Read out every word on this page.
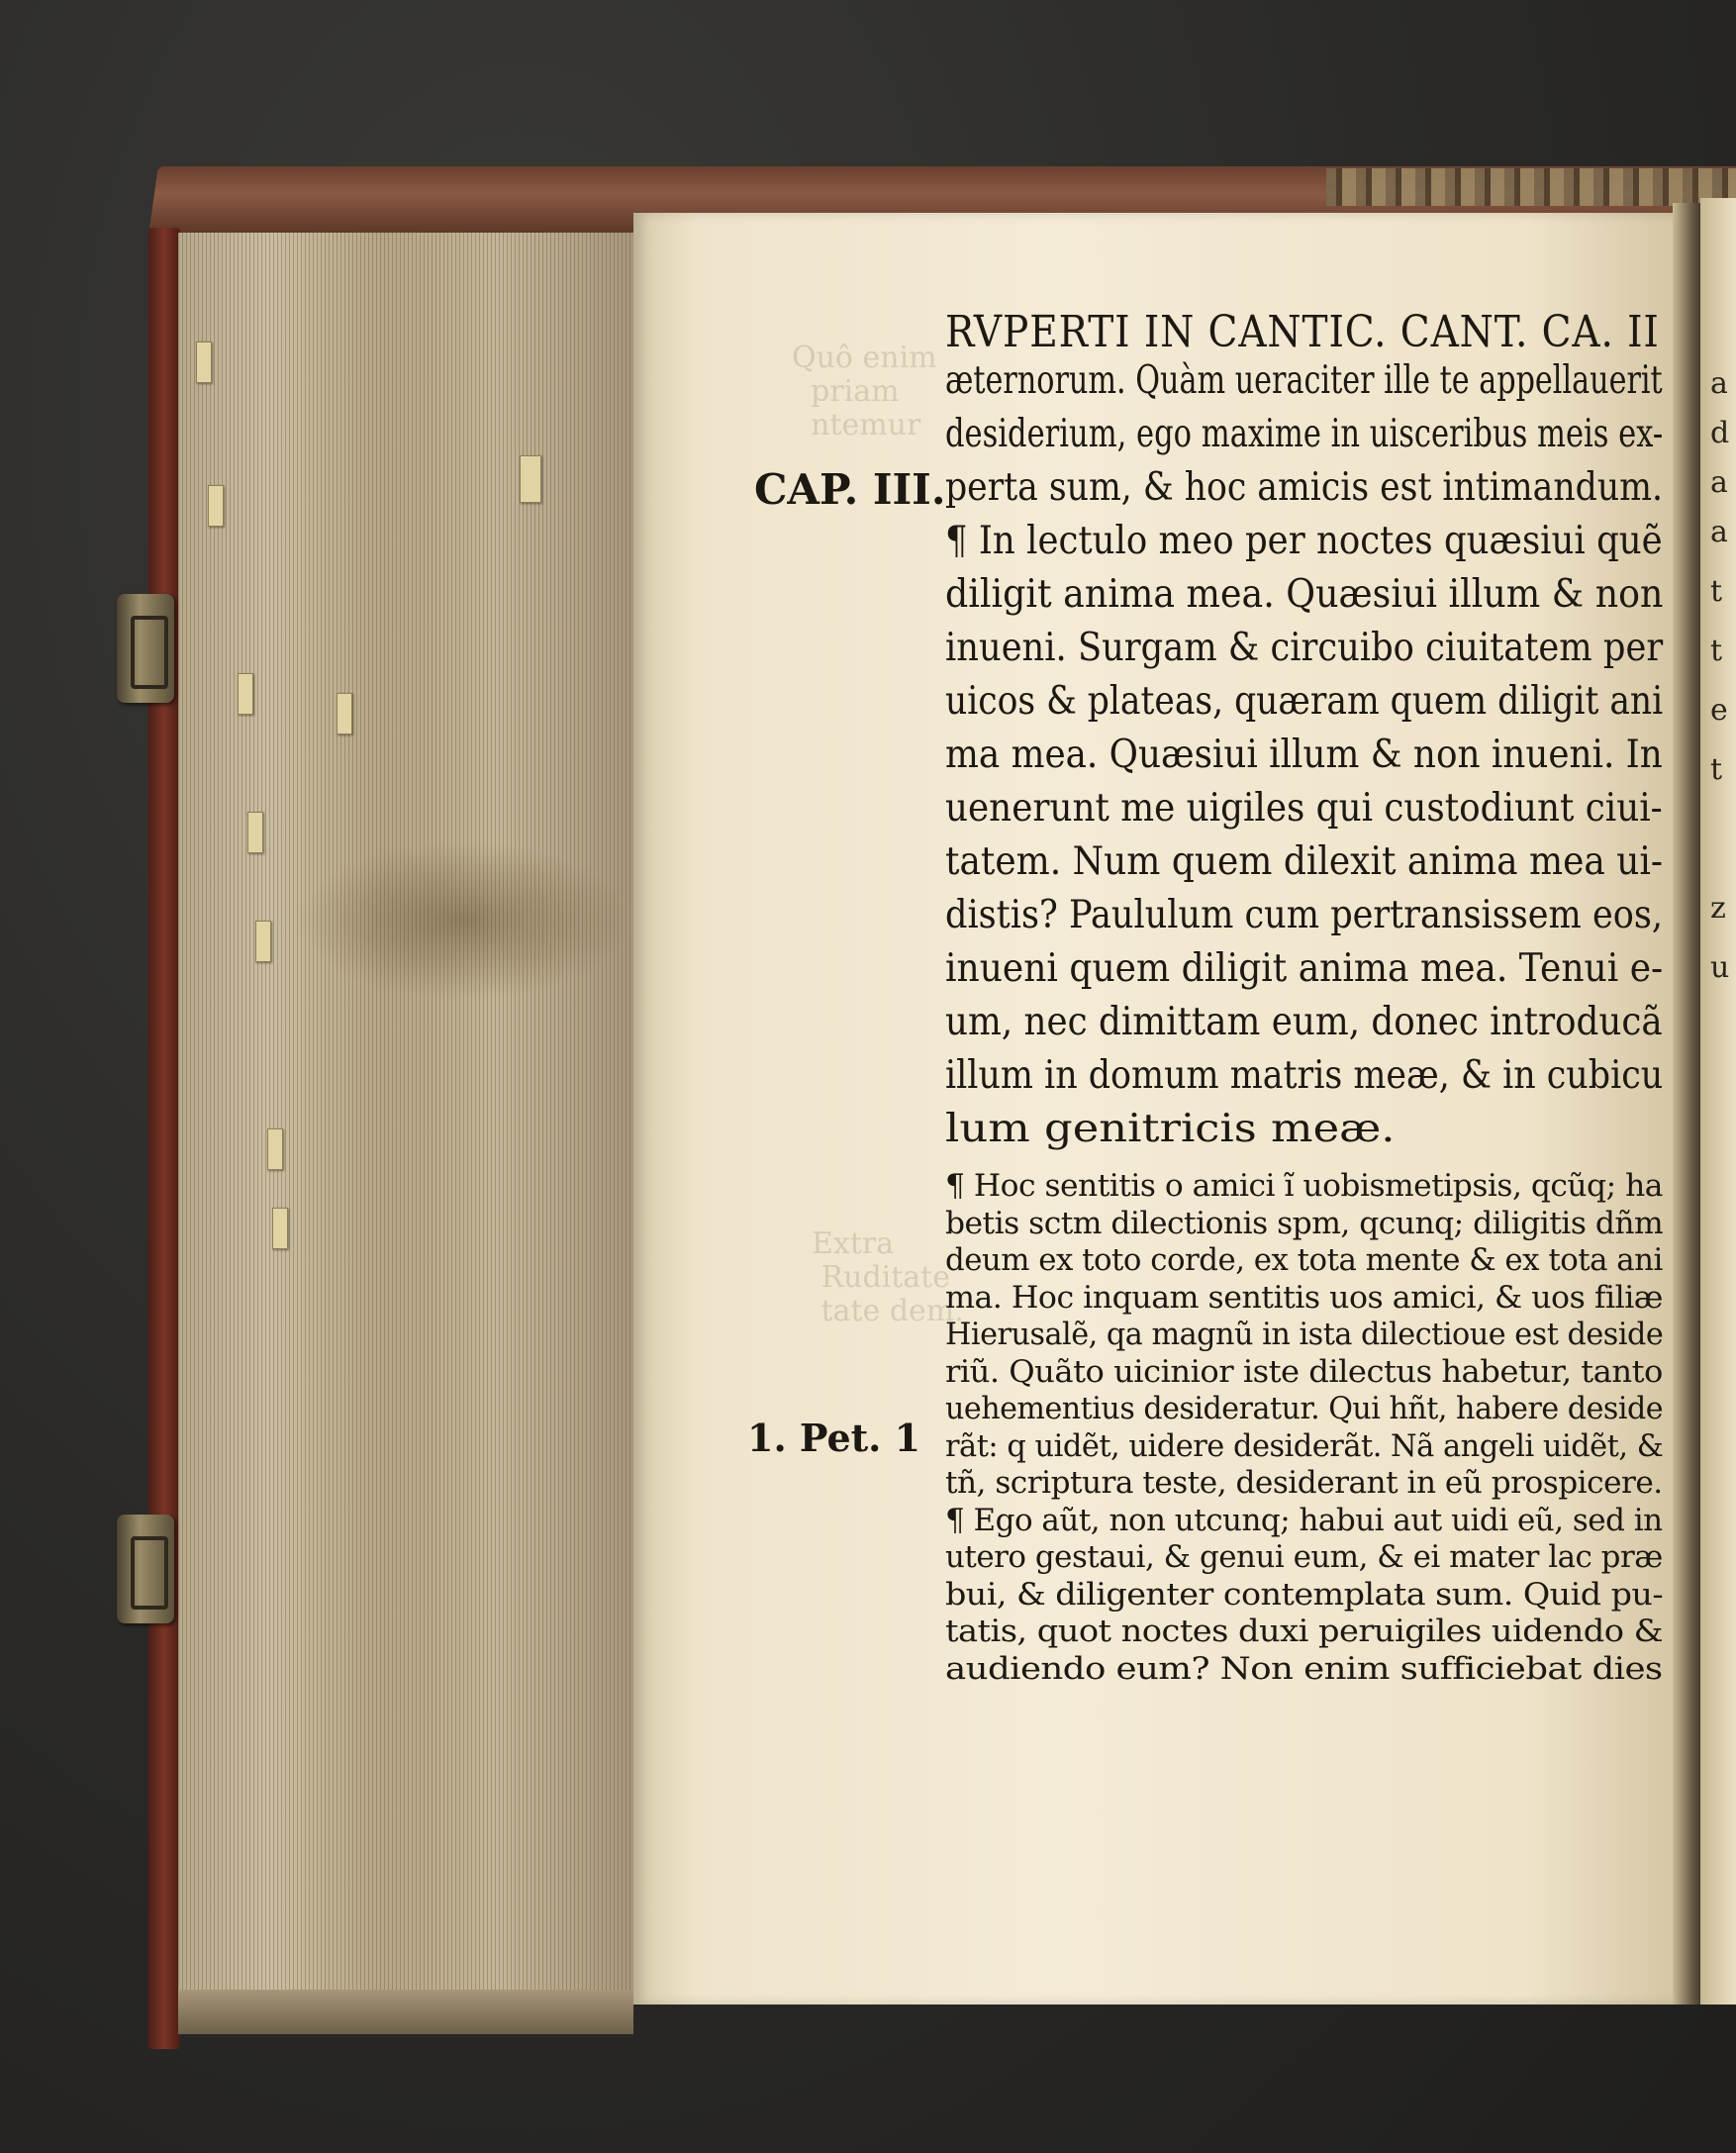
a
d
a
a
t
t
e
t
z
u
Quô enim
priam
ntemur
Extra
Ruditate
tate dem.
RVPERTI IN CANTIC. CANT. CA. II
CAP. III.
1. Pet. 1
æternorum. Quàm ueraciter ille te appellauerit
desiderium, ego maxime in uisceribus meis ex-
perta sum, & hoc amicis est intimandum.
¶ In lectulo meo per noctes quæsiui quẽ
diligit anima mea. Quæsiui illum & non
inueni. Surgam & circuibo ciuitatem per
uicos & plateas, quæram quem diligit ani
ma mea. Quæsiui illum & non inueni. In
uenerunt me uigiles qui custodiunt ciui-
tatem. Num quem dilexit anima mea ui-
distis? Paululum cum pertransissem eos,
inueni quem diligit anima mea. Tenui e-
um, nec dimittam eum, donec introducã
illum in domum matris meæ, & in cubicu
lum genitricis meæ.
¶ Hoc sentitis o amici ĩ uobismetipsis, qcũq; ha
betis sctm dilectionis spm, qcunq; diligitis dñm
deum ex toto corde, ex tota mente & ex tota ani
ma. Hoc inquam sentitis uos amici, & uos filiæ
Hierusalẽ, qa magnũ in ista dilectioue est deside
riũ. Quãto uicinior iste dilectus habetur, tanto
uehementius desideratur. Qui hñt, habere deside
rãt: q uidẽt, uidere desiderãt. Nã angeli uidẽt, &
tñ, scriptura teste, desiderant in eũ prospicere.
¶ Ego aũt, non utcunq; habui aut uidi eũ, sed in
utero gestaui, & genui eum, & ei mater lac præ
bui, & diligenter contemplata sum. Quid pu-
tatis, quot noctes duxi peruigiles uidendo &
audiendo eum? Non enim sufficiebat dies
